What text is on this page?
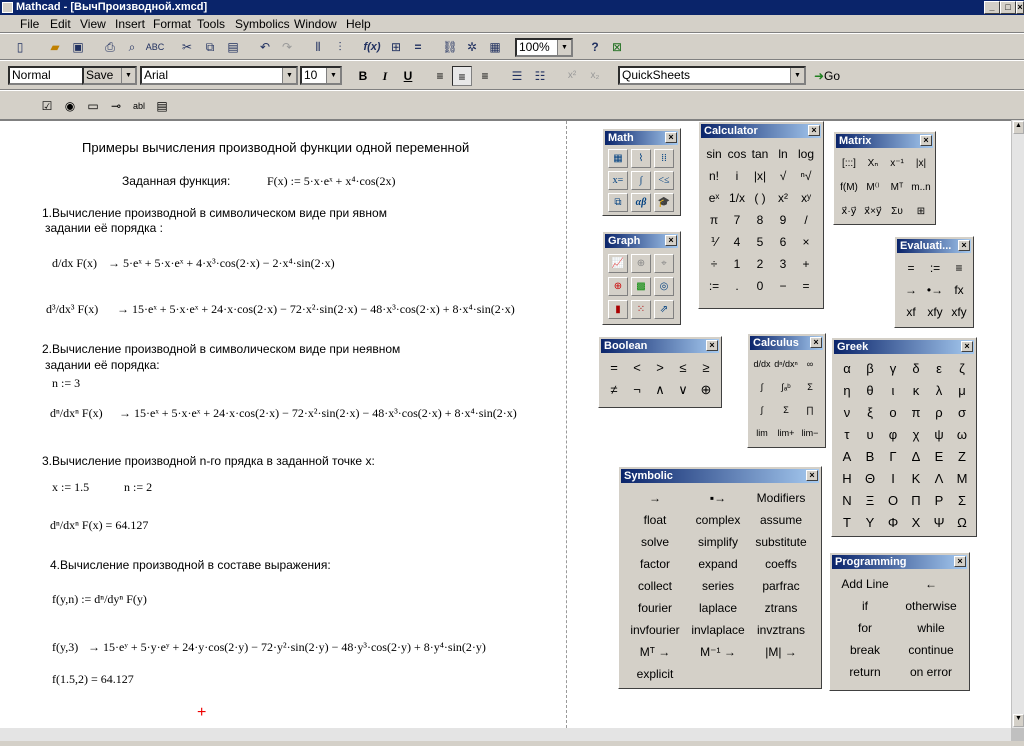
Mathcad - [ВычПроизводной.xmcd]	_	□ ×
File Edit View Insert Format Tools Symbolics Window Help
▯	▰	▣	⎙	⌕	ABC	✂	⧉	▤	↶ ↷	⫴	⫶	f(x) ⊞	=	⛓ ✲	▦	100%	▼	?	⊠
Normal	Save	▼	Arial	▼ 10	▼	B	I	U	≡	≡	≡	☰	☷	x²	x₂	QuickSheets	▼	➜Go
☑	◉	▭	⊸	abl ▤
▲
▼
Примеры вычисления производной функции одной переменной
Заданная функция:	F(x) := 5·x·eˣ + x⁴·cos(2x)
1.Вычисление производной в символическом виде при явном
задании её порядка :
d/dx F(x) → 5·eˣ + 5·x·eˣ + 4·x³·cos(2·x) − 2·x⁴·sin(2·x)
d³/dx³ F(x) → 15·eˣ + 5·x·eˣ + 24·x·cos(2·x) − 72·x²·sin(2·x) − 48·x³·cos(2·x) + 8·x⁴·sin(2·x)
2.Вычисление производной в символическом виде при неявном
задании её порядка:
n := 3
dⁿ/dxⁿ F(x) → 15·eˣ + 5·x·eˣ + 24·x·cos(2·x) − 72·x²·sin(2·x) − 48·x³·cos(2·x) + 8·x⁴·sin(2·x)
3.Вычисление производной n-го прядка в заданной точке x:
x := 1.5	n := 2
dⁿ/dxⁿ F(x) = 64.127
4.Вычисление производной в составе выражения:
f(y,n) := dⁿ/dyⁿ F(y)
f(y,3) → 15·eʸ + 5·y·eʸ + 24·y·cos(2·y) − 72·y²·sin(2·y) − 48·y³·cos(2·y) + 8·y⁴·sin(2·y)
f(1.5,2) = 64.127
+
Math	×
▦	⌇	⁞⁞
x=	∫	<≤
⧉	αβ	🎓
Graph	×
📈	⊕	⌖
⊕	▩	◎
▮	⁙	⇗
Calculator	×
sin cos tan ln log
n!	i	|x|	√	ⁿ√
eˣ 1/x ( )	x²	xʸ
π	7	8	9	/
⅟	4	5	6	×
÷	1	2	3	+
:=	.	0	−	=
Matrix	×
[:::]	Xₙ	x⁻¹	|x|
f(M) M⁽⁾	Mᵀ m..n
x⃗·y⃗ x⃗×y⃗ Συ	⊞
Evaluati...	×
=	:=	≡
→ •→ fx
xf xfy xfy
Boolean	×
=	<	>	≤	≥
≠	¬	∧	∨ ⊕
Calculus	×
d/dx dⁿ/dxⁿ	∞
∫	∫ₐᵇ	Σ
∫	Σ	∏
lim	lim+ lim−
Greek	×
α	β	γ	δ	ε	ζ
η	θ	ι	κ	λ	μ
ν	ξ	ο	π	ρ	σ
τ	υ	φ	χ	ψ	ω
Α	Β	Γ	Δ	Ε	Ζ
Η	Θ	Ι	Κ	Λ	Μ
Ν	Ξ	Ο	Π	Ρ	Σ
Τ	Υ	Φ	Χ	Ψ Ω
Symbolic	×
→	▪→	Modifiers
float	complex	assume
solve	simplify	substitute
factor	expand	coeffs
collect	series	parfrac
fourier	laplace	ztrans
invfourier invlaplace	invztrans
Mᵀ →	M⁻¹ →	|M| →
explicit
Programming	×
Add Line	←
if	otherwise
for	while
break	continue
return	on error
